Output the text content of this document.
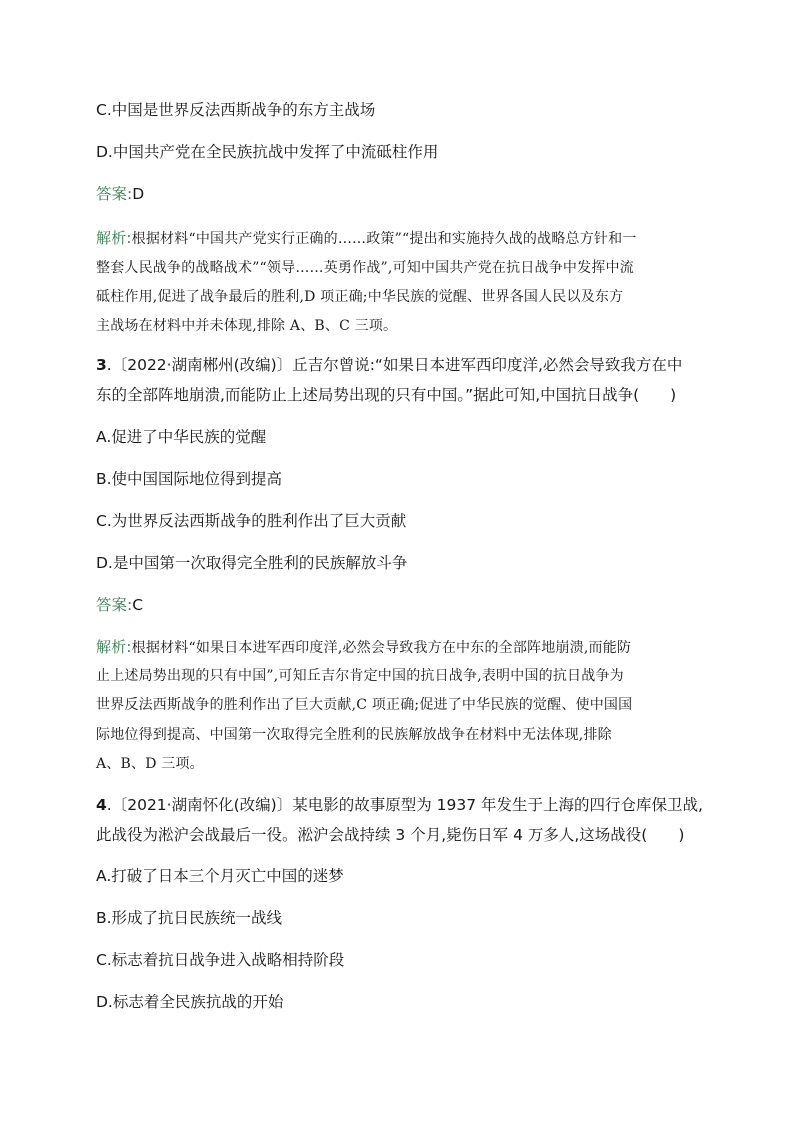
C.中国是世界反法西斯战争的东方主战场
D.中国共产党在全民族抗战中发挥了中流砥柱作用
答案:D
解析:根据材料“中国共产党实行正确的……政策”“提出和实施持久战的战略总方针和一
整套人民战争的战略战术”“领导……英勇作战”,可知中国共产党在抗日战争中发挥中流
砥柱作用,促进了战争最后的胜利,D 项正确;中华民族的觉醒、世界各国人民以及东方
主战场在材料中并未体现,排除 A、B、C 三项。
3.〔2022·湖南郴州(改编)〕丘吉尔曾说:“如果日本进军西印度洋,必然会导致我方在中
东的全部阵地崩溃,而能防止上述局势出现的只有中国。”据此可知,中国抗日战争(　　)
A.促进了中华民族的觉醒
B.使中国国际地位得到提高
C.为世界反法西斯战争的胜利作出了巨大贡献
D.是中国第一次取得完全胜利的民族解放斗争
答案:C
解析:根据材料“如果日本进军西印度洋,必然会导致我方在中东的全部阵地崩溃,而能防
止上述局势出现的只有中国”,可知丘吉尔肯定中国的抗日战争,表明中国的抗日战争为
世界反法西斯战争的胜利作出了巨大贡献,C 项正确;促进了中华民族的觉醒、使中国国
际地位得到提高、中国第一次取得完全胜利的民族解放战争在材料中无法体现,排除
A、B、D 三项。
4.〔2021·湖南怀化(改编)〕某电影的故事原型为 1937 年发生于上海的四行仓库保卫战,
此战役为淞沪会战最后一役。淞沪会战持续 3 个月,毙伤日军 4 万多人,这场战役(　　)
A.打破了日本三个月灭亡中国的迷梦
B.形成了抗日民族统一战线
C.标志着抗日战争进入战略相持阶段
D.标志着全民族抗战的开始
